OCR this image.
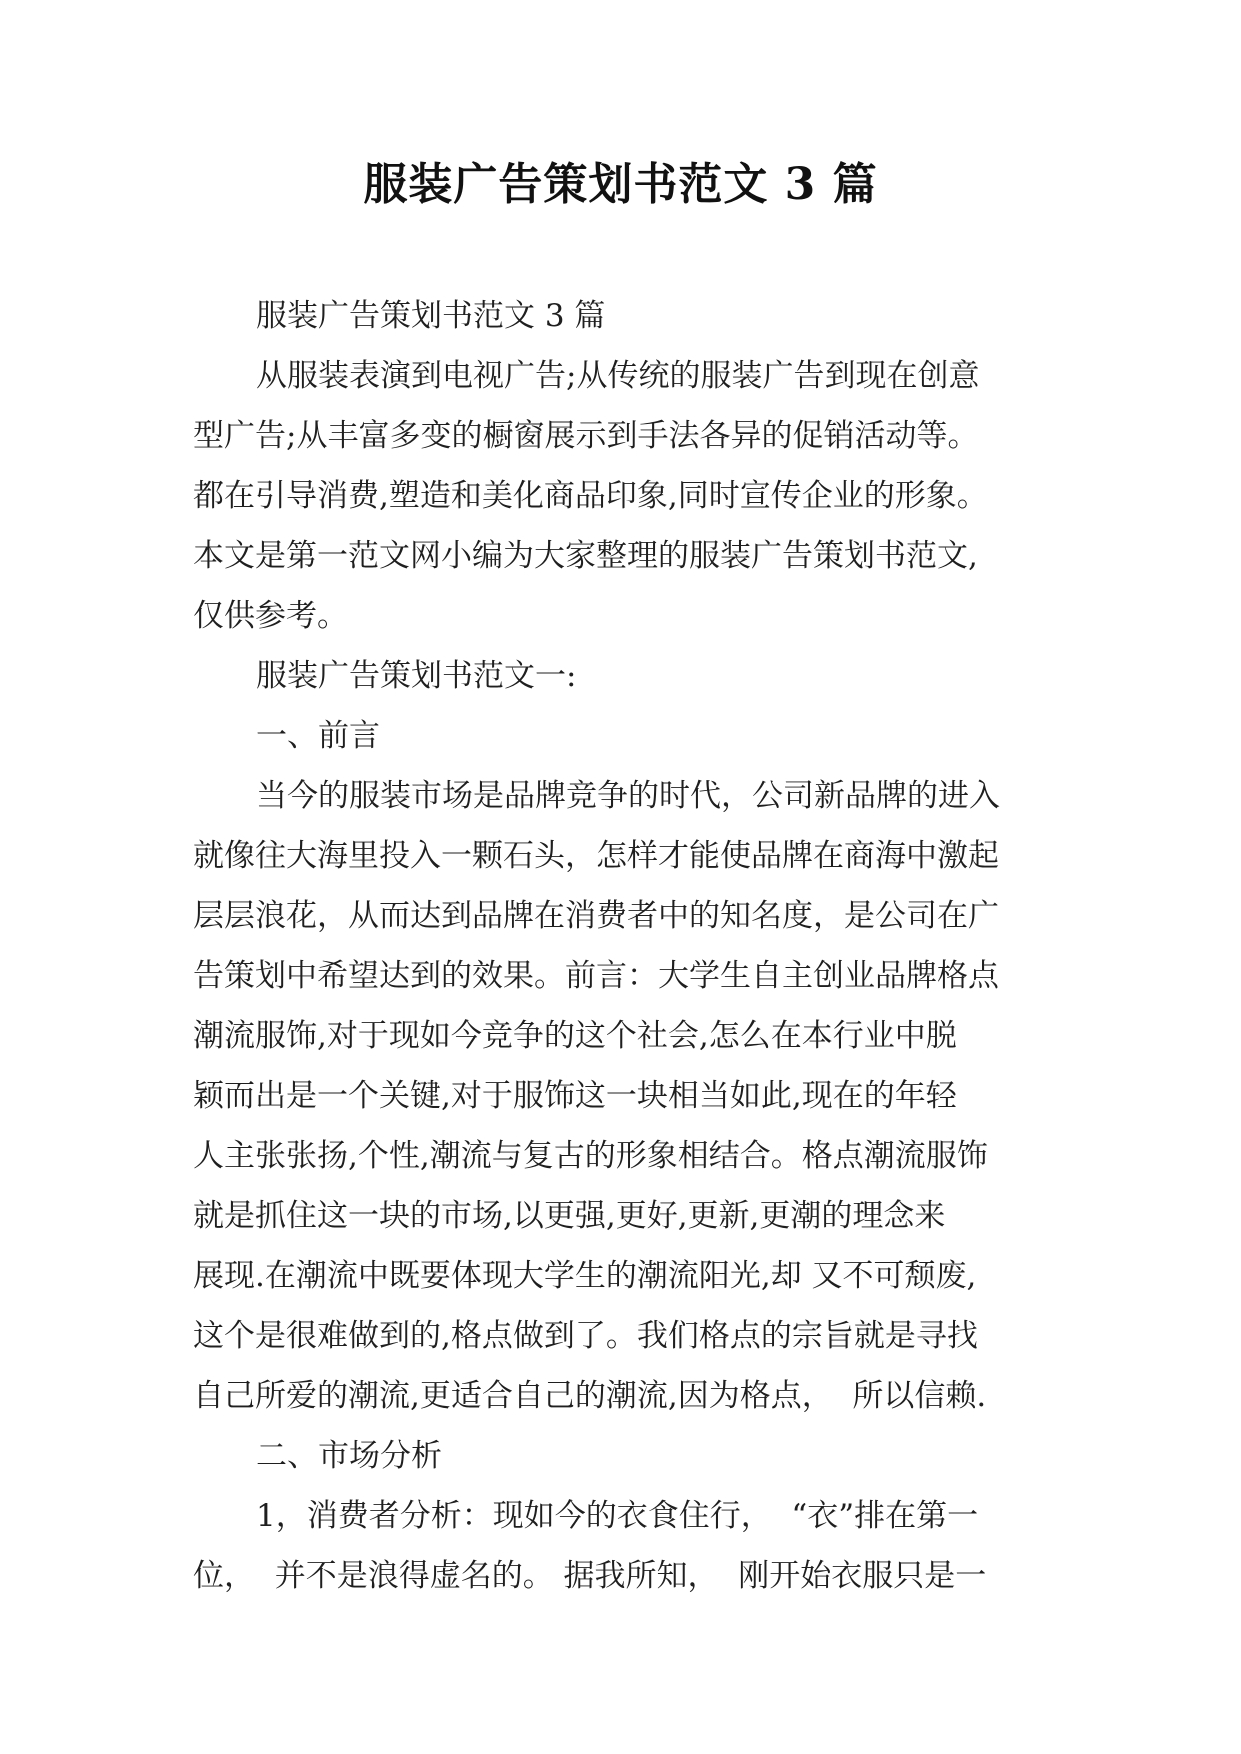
服装广告策划书范文 3 篇
服装广告策划书范文 3 篇
从服装表演到电视广告;从传统的服装广告到现在创意
型广告;从丰富多变的橱窗展示到手法各异的促销活动等。
都在引导消费,塑造和美化商品印象,同时宣传企业的形象。
本文是第一范文网小编为大家整理的服装广告策划书范文,
仅供参考。
服装广告策划书范文一:
一、前言
当今的服装市场是品牌竞争的时代，公司新品牌的进入
就像往大海里投入一颗石头，怎样才能使品牌在商海中激起
层层浪花，从而达到品牌在消费者中的知名度，是公司在广
告策划中希望达到的效果。前言：大学生自主创业品牌格点
潮流服饰,对于现如今竞争的这个社会,怎么在本行业中脱
颖而出是一个关键,对于服饰这一块相当如此,现在的年轻
人主张张扬,个性,潮流与复古的形象相结合。格点潮流服饰
就是抓住这一块的市场,以更强,更好,更新,更潮的理念来
展现.在潮流中既要体现大学生的潮流阳光,却 又不可颓废,
这个是很难做到的,格点做到了。我们格点的宗旨就是寻找
自己所爱的潮流,更适合自己的潮流,因为格点，  所以信赖.
二、市场分析
1，消费者分析：现如今的衣食住行，  “衣”排在第一
位，  并不是浪得虚名的。 据我所知，  刚开始衣服只是一
